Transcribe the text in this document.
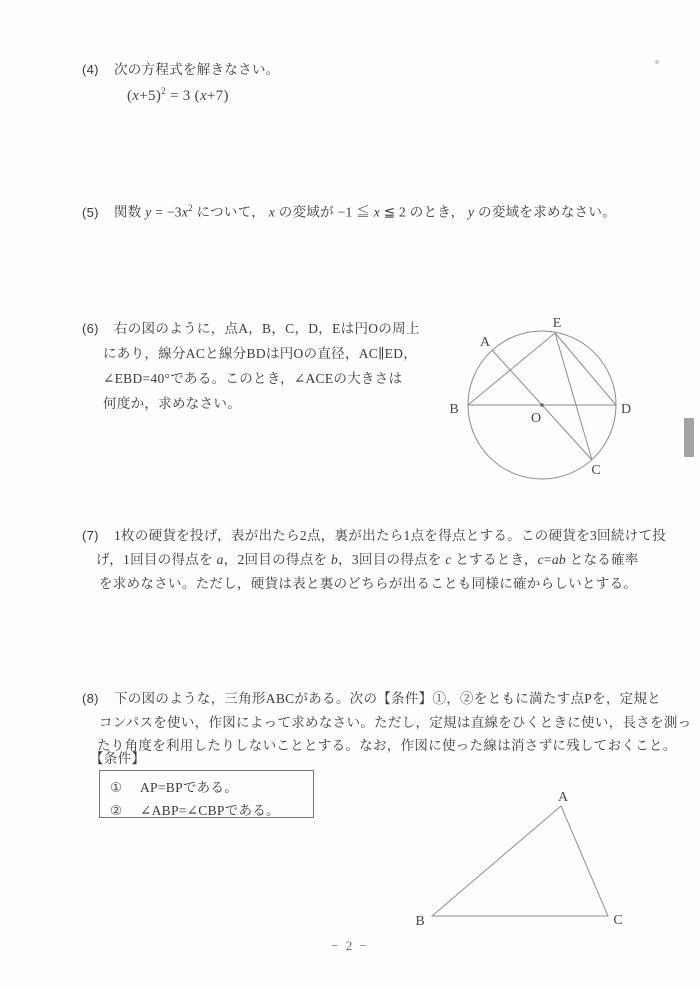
(4) 次の方程式を解きなさい。
$(x+5)^2 = 3$ (x+7)
(5) 関数 $y = -3x^2$ について， x の変域が −1 ≦ x ≦ 2 のとき， y の変域を求めなさい。
(6) 右の図のように，点A，B，C，D，Eは円Oの周上
にあり，線分ACと線分BDは円Oの直径，AC∥ED，
∠EBD=40°である。このとき，∠ACEの大きさは
何度か，求めなさい。
E
A
B	D
C
O
(7) 1枚の硬貨を投げ，表が出たら2点，裏が出たら1点を得点とする。この硬貨を3回続けて投
げ，1回目の得点を a，2回目の得点を b，3回目の得点を c とするとき，c=ab となる確率
を求めなさい。ただし，硬貨は表と裏のどちらが出ることも同様に確からしいとする。
(8) 下の図のような，三角形ABCがある。次の【条件】①，②をともに満たす点Pを，定規と
コンパスを使い，作図によって求めなさい。ただし，定規は直線をひくときに使い，長さを測っ
たり角度を利用したりしないこととする。なお，作図に使った線は消さずに残しておくこと。
【条件】
① AP=BPである。
② ∠ABP=∠CBPである。
A
B	C
− 2 −
